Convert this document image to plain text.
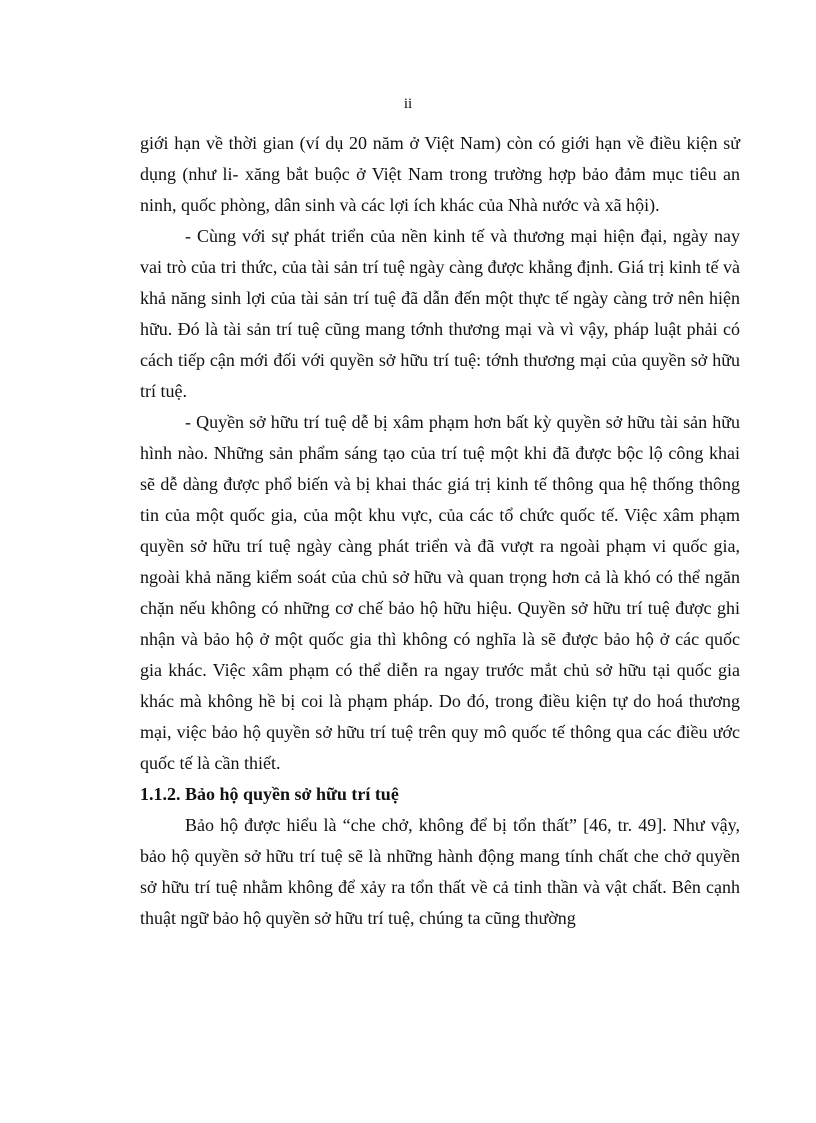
ii

giới hạn về thời gian (ví dụ 20 năm ở Việt Nam) còn có giới hạn về điều kiện sử dụng (như li- xăng bắt buộc ở Việt Nam trong trường hợp bảo đảm mục tiêu an ninh, quốc phòng, dân sinh và các lợi ích khác của Nhà nước và xã hội).

- Cùng với sự phát triển của nền kinh tế và thương mại hiện đại, ngày nay vai trò của tri thức, của tài sản trí tuệ ngày càng được khẳng định. Giá trị kinh tế và khả năng sinh lợi của tài sản trí tuệ đã dẫn đến một thực tế ngày càng trở nên hiện hữu. Đó là tài sản trí tuệ cũng mang tớnh thương mại và vì vậy, pháp luật phải có cách tiếp cận mới đối với quyền sở hữu trí tuệ: tớnh thương mại của quyền sở hữu trí tuệ.

- Quyền sở hữu trí tuệ dễ bị xâm phạm hơn bất kỳ quyền sở hữu tài sản hữu hình nào. Những sản phẩm sáng tạo của trí tuệ một khi đã được bộc lộ công khai sẽ dễ dàng được phổ biến và bị khai thác giá trị kinh tế thông qua hệ thống thông tin của một quốc gia, của một khu vực, của các tổ chức quốc tế. Việc xâm phạm quyền sở hữu trí tuệ ngày càng phát triển và đã vượt ra ngoài phạm vi quốc gia, ngoài khả năng kiểm soát của chủ sở hữu và quan trọng hơn cả là khó có thể ngăn chặn nếu không có những cơ chế bảo hộ hữu hiệu. Quyền sở hữu trí tuệ được ghi nhận và bảo hộ ở một quốc gia thì không có nghĩa là sẽ được bảo hộ ở các quốc gia khác. Việc xâm phạm có thể diễn ra ngay trước mắt chủ sở hữu tại quốc gia khác mà không hề bị coi là phạm pháp. Do đó, trong điều kiện tự do hoá thương mại, việc bảo hộ quyền sở hữu trí tuệ trên quy mô quốc tế thông qua các điều ước quốc tế là cần thiết.

1.1.2. Bảo hộ quyền sở hữu trí tuệ

Bảo hộ được hiểu là “che chở, không để bị tổn thất” [46, tr. 49]. Như vậy, bảo hộ quyền sở hữu trí tuệ sẽ là những hành động mang tính chất che chở quyền sở hữu trí tuệ nhằm không để xảy ra tổn thất về cả tinh thần và vật chất. Bên cạnh thuật ngữ bảo hộ quyền sở hữu trí tuệ, chúng ta cũng thường
